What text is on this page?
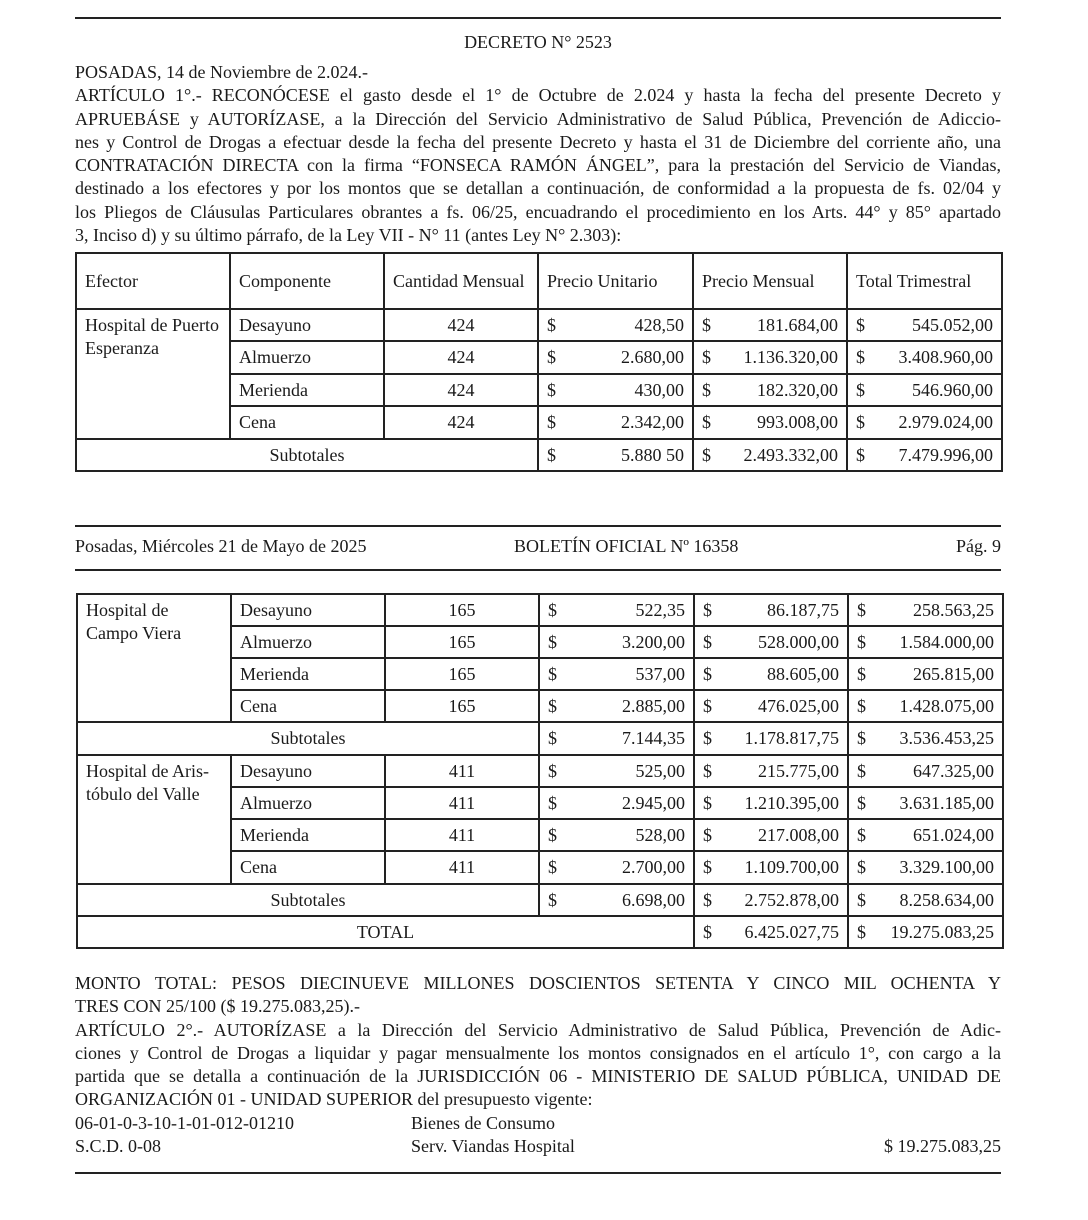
DECRETO N° 2523
POSADAS, 14 de Noviembre de 2.024.-
ARTÍCULO 1°.- RECONÓCESE el gasto desde el 1° de Octubre de 2.024 y hasta la fecha del presente Decreto y
APRUEBÁSE y AUTORÍZASE, a la Dirección del Servicio Administrativo de Salud Pública, Prevención de Adiccio-
nes y Control de Drogas a efectuar desde la fecha del presente Decreto y hasta el 31 de Diciembre del corriente año, una
CONTRATACIÓN DIRECTA con la firma “FONSECA RAMÓN ÁNGEL”, para la prestación del Servicio de Viandas,
destinado a los efectores y por los montos que se detallan a continuación, de conformidad a la propuesta de fs. 02/04 y
los Pliegos de Cláusulas Particulares obrantes a fs. 06/25, encuadrando el procedimiento en los Arts. 44° y 85° apartado
3, Inciso d) y su último párrafo, de la Ley VII - N° 11 (antes Ley N° 2.303):
Efector	Componente	Cantidad Mensual	Precio Unitario	Precio Mensual	Total Trimestral
Hospital de Puerto Esperanza	Desayuno	424	$ 428,50	$ 181.684,00	$ 545.052,00

	Almuerzo	424	$ 2.680,00	$ 1.136.320,00	$ 3.408.960,00

	Merienda	424	$ 430,00	$ 182.320,00	$ 546.960,00

	Cena	424	$ 2.342,00	$ 993.008,00	$ 2.979.024,00

Subtotales			$ 5.880 50	$ 2.493.332,00	$ 7.479.996,00
Posadas, Miércoles 21 de Mayo de 2025	BOLETÍN OFICIAL Nº 16358	Pág. 9
Hospital de Campo Viera	Desayuno	165	$ 522,35	$ 86.187,75	$ 258.563,25

	Almuerzo	165	$ 3.200,00	$ 528.000,00	$ 1.584.000,00

	Merienda	165	$ 537,00	$ 88.605,00	$ 265.815,00

	Cena	165	$ 2.885,00	$ 476.025,00	$ 1.428.075,00

Subtotales			$ 7.144,35	$ 1.178.817,75	$ 3.536.453,25

Hospital de Aris- tóbulo del Valle	Desayuno	411	$ 525,00	$ 215.775,00	$ 647.325,00

	Almuerzo	411	$ 2.945,00	$ 1.210.395,00	$ 3.631.185,00

	Merienda	411	$ 528,00	$ 217.008,00	$ 651.024,00

	Cena	411	$ 2.700,00	$ 1.109.700,00	$ 3.329.100,00

Subtotales			$ 6.698,00	$ 2.752.878,00	$ 8.258.634,00

TOTAL				$ 6.425.027,75	$ 19.275.083,25
MONTO TOTAL: PESOS DIECINUEVE MILLONES DOSCIENTOS SETENTA Y CINCO MIL OCHENTA Y
TRES CON 25/100 ($ 19.275.083,25).-
ARTÍCULO 2°.- AUTORÍZASE a la Dirección del Servicio Administrativo de Salud Pública, Prevención de Adic-
ciones y Control de Drogas a liquidar y pagar mensualmente los montos consignados en el artículo 1°, con cargo a la
partida que se detalla a continuación de la JURISDICCIÓN 06 - MINISTERIO DE SALUD PÚBLICA, UNIDAD DE
ORGANIZACIÓN 01 - UNIDAD SUPERIOR del presupuesto vigente:
06-01-0-3-10-1-01-012-01210	Bienes de Consumo
S.C.D. 0-08	Serv. Viandas Hospital	$ 19.275.083,25
